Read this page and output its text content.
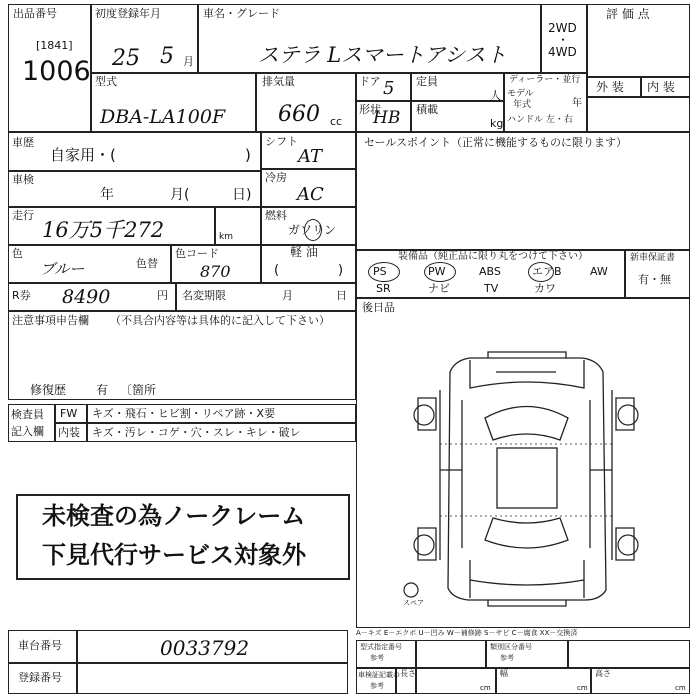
出品番号
[1841]
1006
初度登録年月
25 5 月
車名・グレード
ステラ Lスマートアシスト
2WD
・
4WD
評 価 点
型式
DBA-LA100F
排気量
660 cc
ドア 5
形状
HB
定員
人
積載
kg
ディーラー・並行
モデル
年式	年
ハンドル 左・右
外 装 内 装
車歴
自家用・(	)
車検
年	月(	日)
走行
16万5千272	km
色
ブルー	色替
色コード
870
R券 8490	円 名変期限	月	日
シフト
AT
冷房
AC
燃料
ガソリン
軽 油
(	)
注意事項申告欄 （不具合内容等は具体的に記入して下さい）
修復歴 有 〔箇所
検査員
記入欄
FW キズ・飛石・ヒビ割・リペア跡・X要
内装 キズ・汚レ・コゲ・穴・スレ・キレ・破レ
未検査の為ノークレーム
下見代行サービス対象外
セールスポイント（正常に機能するものに限ります）
装備品（純正品に限り丸をつけて下さい）
PS	PW	ABS	エアB	AW
SR	ナビ	TV	カワ
新車保証書
有・無
後日品
スペア
車台番号	0033792
登録番号
A－キズ E－エクボ U－凹み W－補修跡 S－サビ C－腐食 XX－交換済
型式指定番号
参考
類別区分番号
参考
車検証記載の
参考
長さ	幅	高さ
cm	cm	cm
